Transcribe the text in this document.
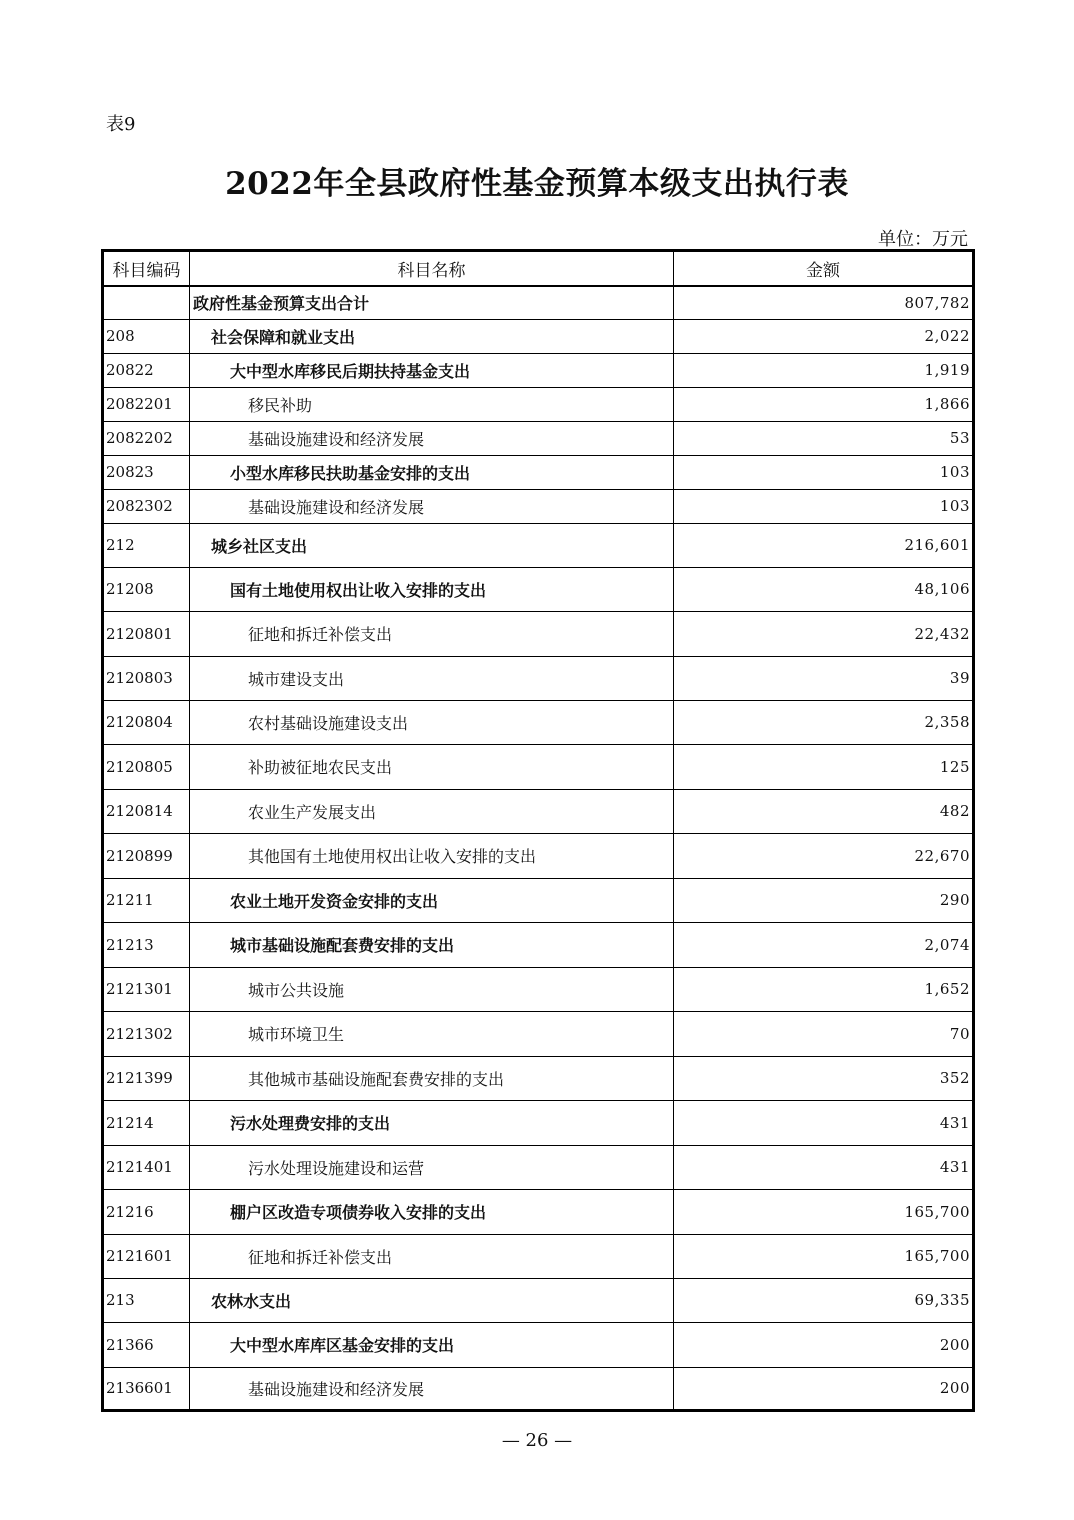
表9
2022年全县政府性基金预算本级支出执行表
单位：万元
科目编码	科目名称	金额
	政府性基金预算支出合计	807,782
208	社会保障和就业支出	2,022
20822	大中型水库移民后期扶持基金支出	1,919
2082201	移民补助	1,866
2082202	基础设施建设和经济发展	53
20823	小型水库移民扶助基金安排的支出	103
2082302	基础设施建设和经济发展	103
212	城乡社区支出	216,601
21208	国有土地使用权出让收入安排的支出	48,106
2120801	征地和拆迁补偿支出	22,432
2120803	城市建设支出	39
2120804	农村基础设施建设支出	2,358
2120805	补助被征地农民支出	125
2120814	农业生产发展支出	482
2120899	其他国有土地使用权出让收入安排的支出	22,670
21211	农业土地开发资金安排的支出	290
21213	城市基础设施配套费安排的支出	2,074
2121301	城市公共设施	1,652
2121302	城市环境卫生	70
2121399	其他城市基础设施配套费安排的支出	352
21214	污水处理费安排的支出	431
2121401	污水处理设施建设和运营	431
21216	棚户区改造专项债券收入安排的支出	165,700
2121601	征地和拆迁补偿支出	165,700
213	农林水支出	69,335
21366	大中型水库库区基金安排的支出	200
2136601	基础设施建设和经济发展	200
— 26 —
